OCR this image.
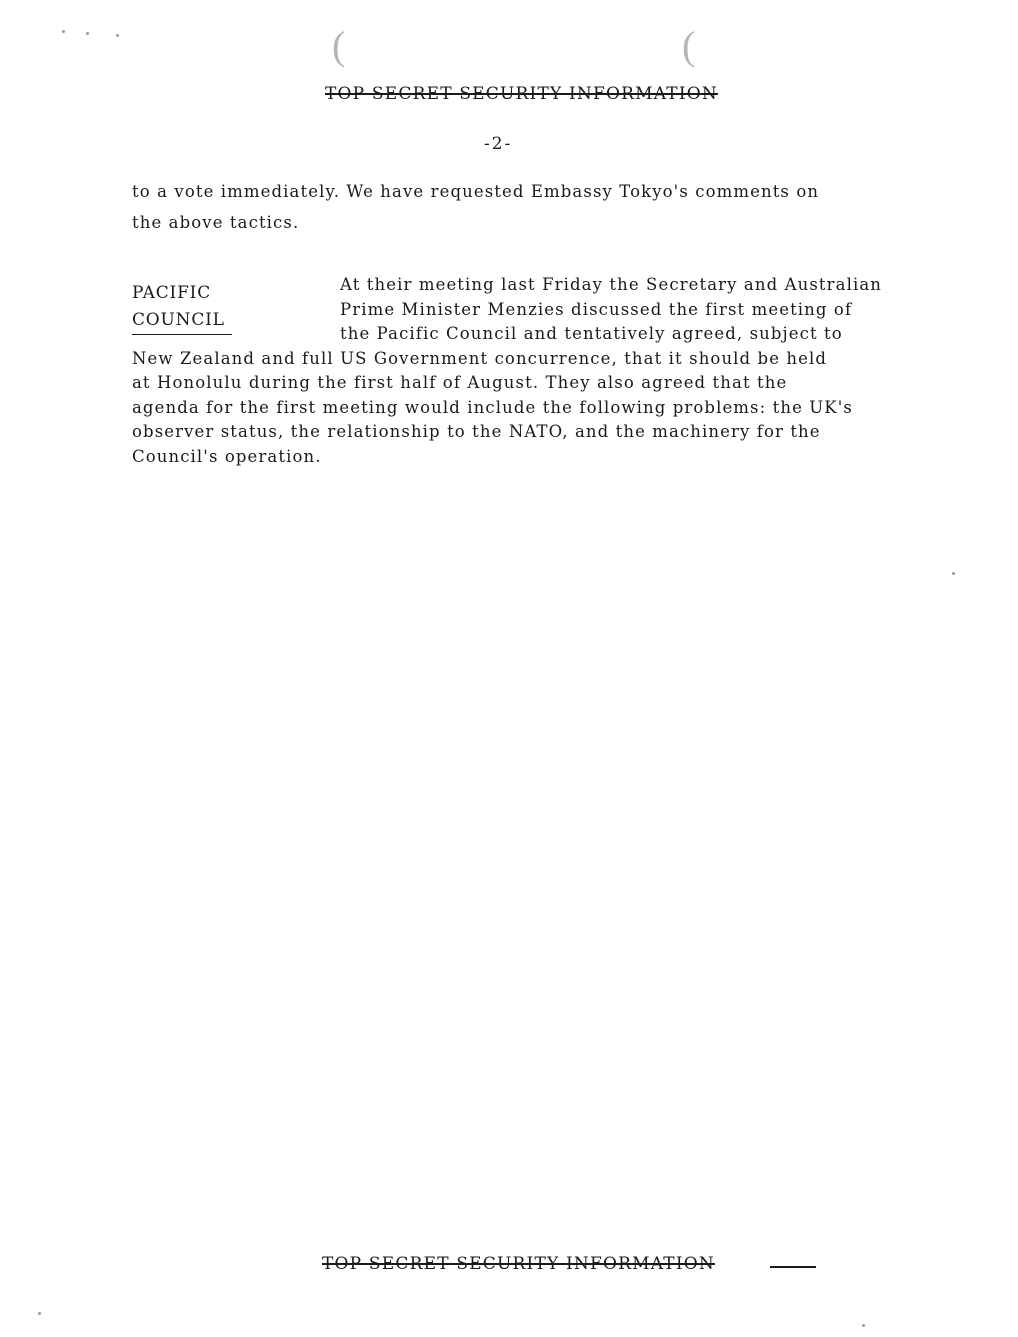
(	(
TOP SECRET SECURITY INFORMATION
-2-
to a vote immediately. We have requested Embassy Tokyo's comments on
the above tactics.
PACIFIC
COUNCIL
At their meeting last Friday the Secretary and Australian
Prime Minister Menzies discussed the first meeting of
the Pacific Council and tentatively agreed, subject to
New Zealand and full US Government concurrence, that it should be held
at Honolulu during the first half of August. They also agreed that the
agenda for the first meeting would include the following problems: the UK's
observer status, the relationship to the NATO, and the machinery for the
Council's operation.
TOP SECRET SECURITY INFORMATION
